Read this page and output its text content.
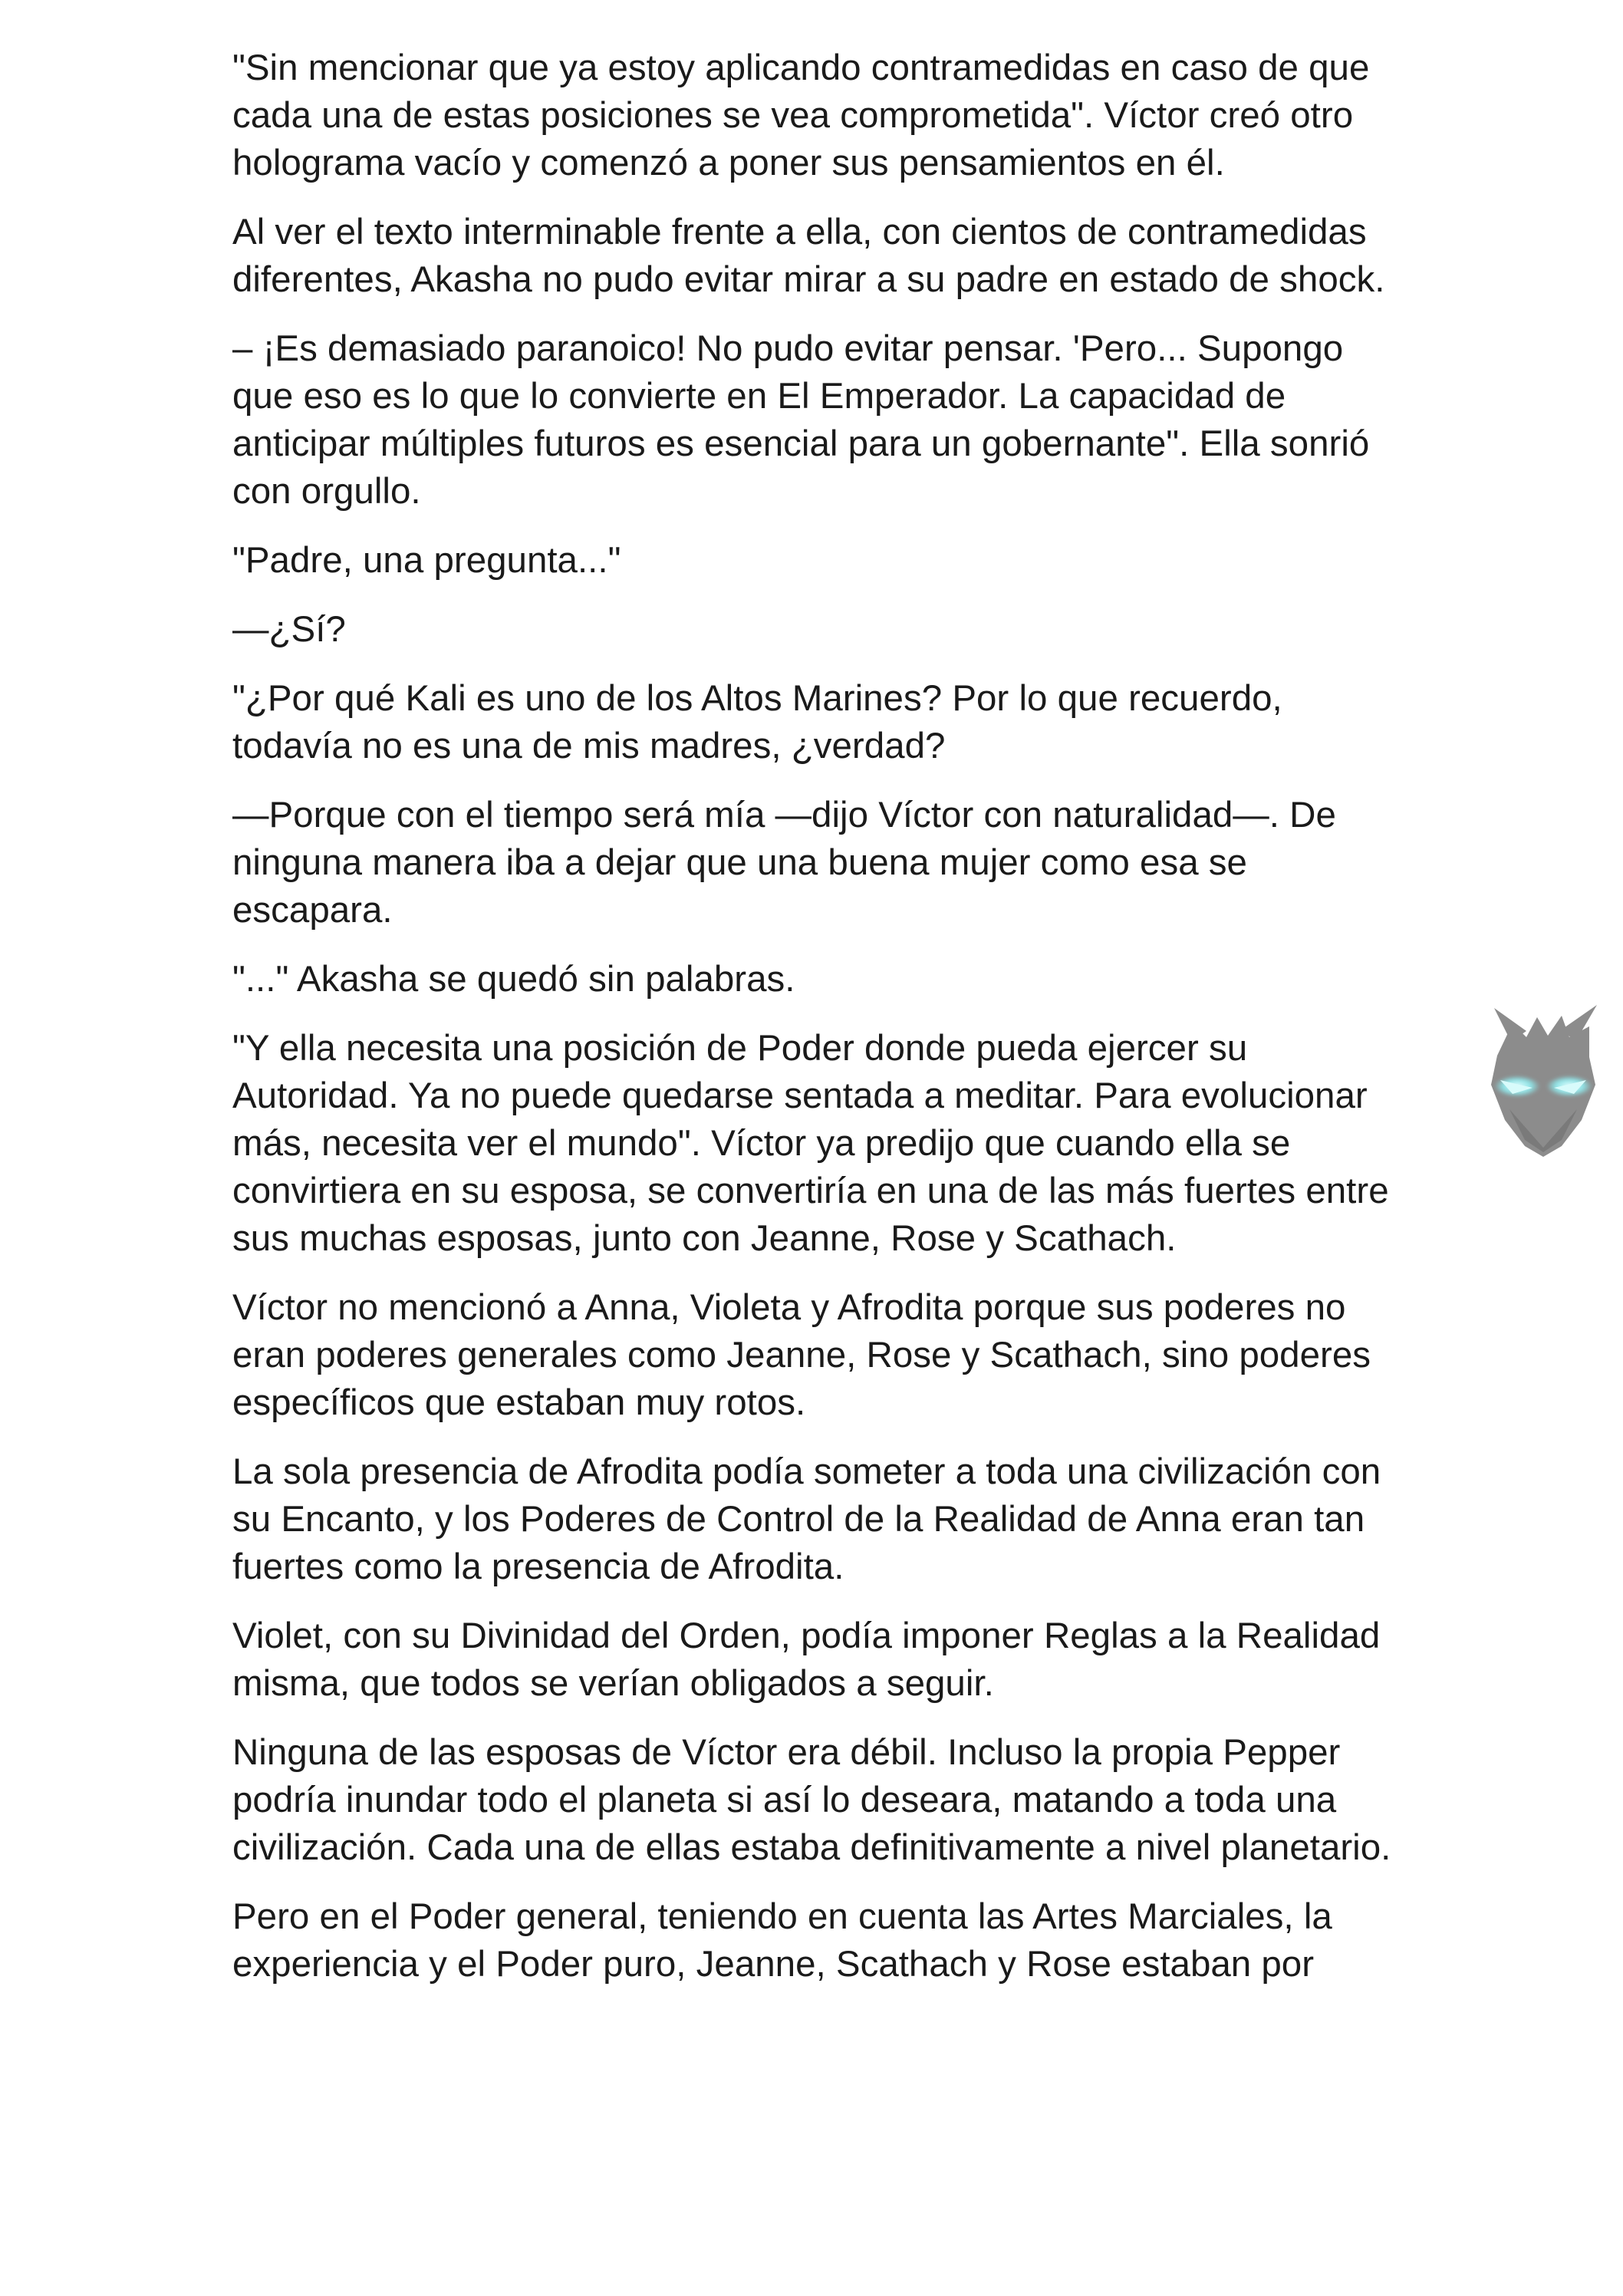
"Sin mencionar que ya estoy aplicando contramedidas en caso de que cada una de estas posiciones se vea comprometida". Víctor creó otro holograma vacío y comenzó a poner sus pensamientos en él.

Al ver el texto interminable frente a ella, con cientos de contramedidas diferentes, Akasha no pudo evitar mirar a su padre en estado de shock.

– ¡Es demasiado paranoico! No pudo evitar pensar. 'Pero... Supongo que eso es lo que lo convierte en El Emperador. La capacidad de anticipar múltiples futuros es esencial para un gobernante". Ella sonrió con orgullo.

"Padre, una pregunta..."

—¿Sí?

"¿Por qué Kali es uno de los Altos Marines? Por lo que recuerdo, todavía no es una de mis madres, ¿verdad?

—Porque con el tiempo será mía —dijo Víctor con naturalidad—. De ninguna manera iba a dejar que una buena mujer como esa se escapara.

"..." Akasha se quedó sin palabras.

"Y ella necesita una posición de Poder donde pueda ejercer su Autoridad. Ya no puede quedarse sentada a meditar. Para evolucionar más, necesita ver el mundo". Víctor ya predijo que cuando ella se convirtiera en su esposa, se convertiría en una de las más fuertes entre sus muchas esposas, junto con Jeanne, Rose y Scathach.

Víctor no mencionó a Anna, Violeta y Afrodita porque sus poderes no eran poderes generales como Jeanne, Rose y Scathach, sino poderes específicos que estaban muy rotos.

La sola presencia de Afrodita podía someter a toda una civilización con su Encanto, y los Poderes de Control de la Realidad de Anna eran tan fuertes como la presencia de Afrodita.

Violet, con su Divinidad del Orden, podía imponer Reglas a la Realidad misma, que todos se verían obligados a seguir.

Ninguna de las esposas de Víctor era débil. Incluso la propia Pepper podría inundar todo el planeta si así lo deseara, matando a toda una civilización. Cada una de ellas estaba definitivamente a nivel planetario.

Pero en el Poder general, teniendo en cuenta las Artes Marciales, la experiencia y el Poder puro, Jeanne, Scathach y Rose estaban por
